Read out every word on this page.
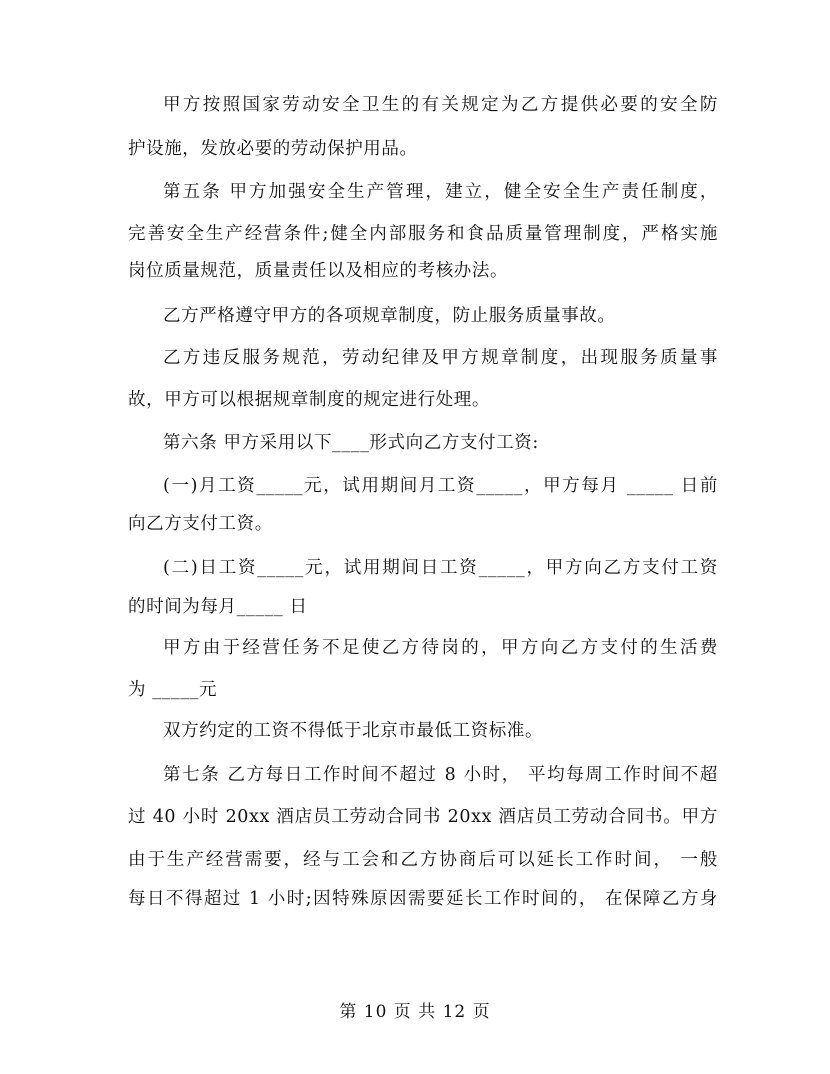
﻿
甲方按照国家劳动安全卫生的有关规定为乙方提供必要的安全防
护设施，发放必要的劳动保护用品。
第五条 甲方加强安全生产管理，建立，健全安全生产责任制度，
完善安全生产经营条件;健全内部服务和食品质量管理制度，严格实施
岗位质量规范，质量责任以及相应的考核办法。
乙方严格遵守甲方的各项规章制度，防止服务质量事故。
乙方违反服务规范，劳动纪律及甲方规章制度，出现服务质量事
故，甲方可以根据规章制度的规定进行处理。
第六条 甲方采用以下____形式向乙方支付工资:
(一)月工资_____元，试用期间月工资_____，甲方每月 _____ 日前
向乙方支付工资。
(二)日工资_____元，试用期间日工资_____，甲方向乙方支付工资
的时间为每月_____ 日
甲方由于经营任务不足使乙方待岗的，甲方向乙方支付的生活费
为 _____元
双方约定的工资不得低于北京市最低工资标准。
第七条 乙方每日工作时间不超过 8 小时， 平均每周工作时间不超
过 40 小时 20xx 酒店员工劳动合同书 20xx 酒店员工劳动合同书。甲方
由于生产经营需要，经与工会和乙方协商后可以延长工作时间， 一般
每日不得超过 1 小时;因特殊原因需要延长工作时间的， 在保障乙方身
第 10 页 共 12 页
